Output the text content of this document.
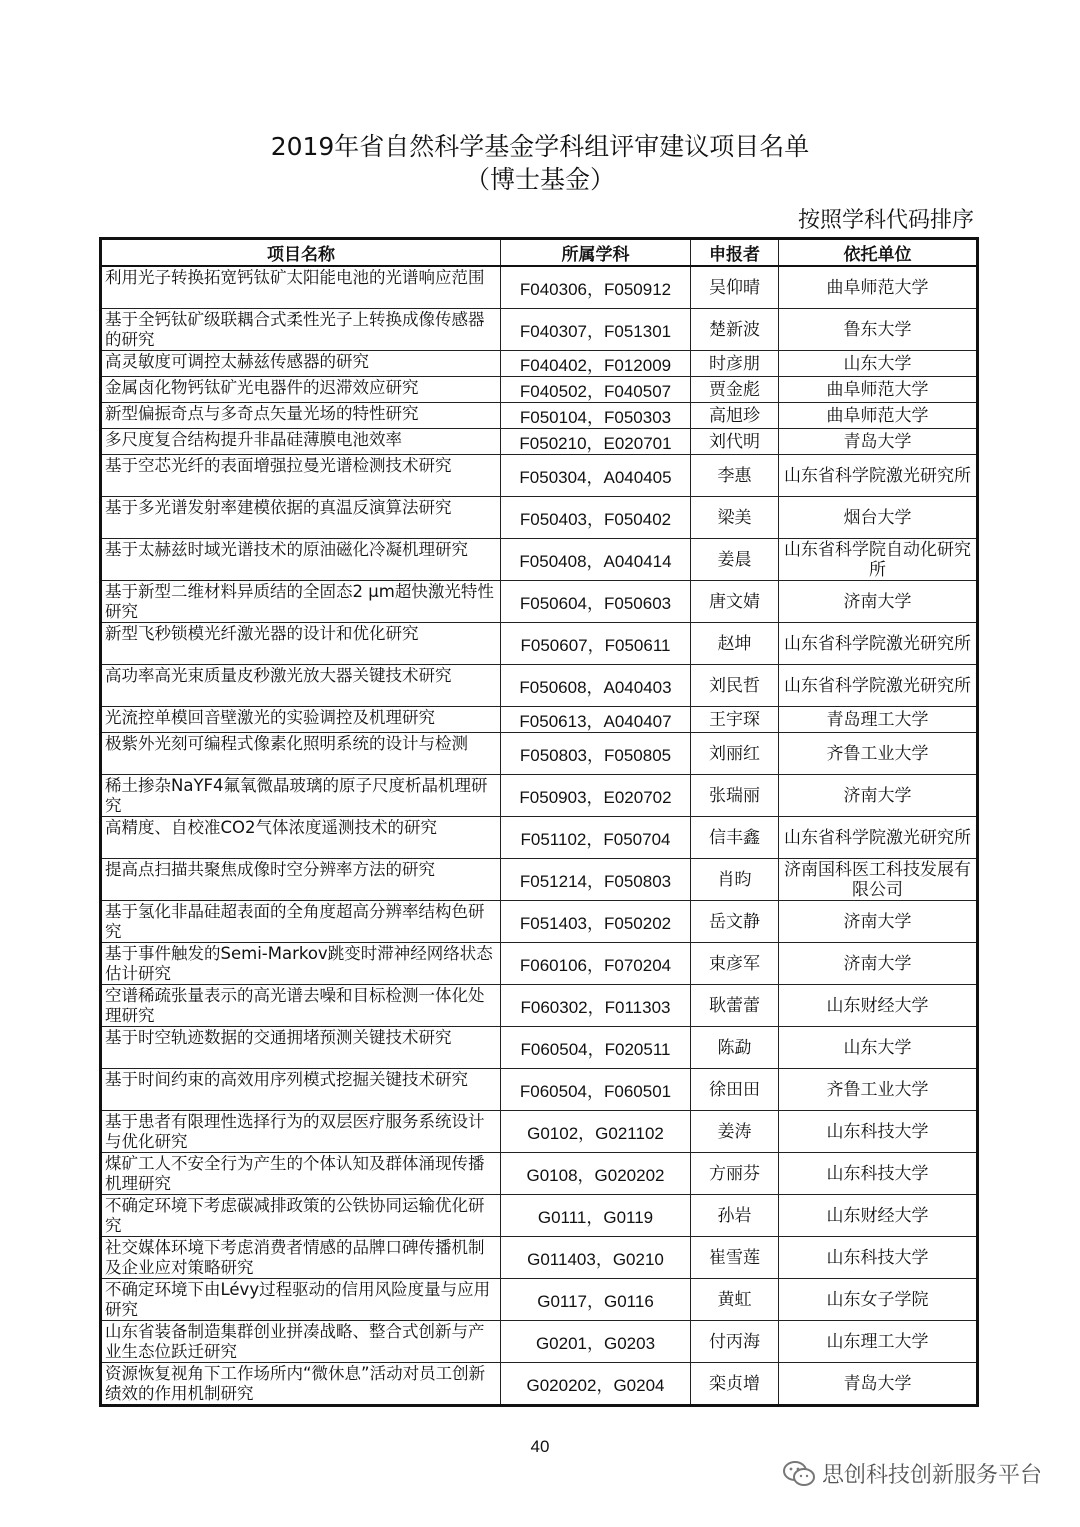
2019年省自然科学基金学科组评审建议项目名单
（博士基金）
按照学科代码排序
项目名称	所属学科	申报者	依托单位
利用光子转换拓宽钙钛矿太阳能电池的光谱响应范围	F040306，F050912	吴仰晴	曲阜师范大学
基于全钙钛矿级联耦合式柔性光子上转换成像传感器的研究	F040307，F051301	楚新波	鲁东大学
高灵敏度可调控太赫兹传感器的研究	F040402，F012009	时彦朋	山东大学
金属卤化物钙钛矿光电器件的迟滞效应研究	F040502，F040507	贾金彪	曲阜师范大学
新型偏振奇点与多奇点矢量光场的特性研究	F050104，F050303	高旭珍	曲阜师范大学
多尺度复合结构提升非晶硅薄膜电池效率	F050210，E020701	刘代明	青岛大学
基于空芯光纤的表面增强拉曼光谱检测技术研究	F050304，A040405	李惠	山东省科学院激光研究所
基于多光谱发射率建模依据的真温反演算法研究	F050403，F050402	梁美	烟台大学
基于太赫兹时域光谱技术的原油磁化冷凝机理研究	F050408，A040414	姜晨	山东省科学院自动化研究所
基于新型二维材料异质结的全固态2 μm超快激光特性研究	F050604，F050603	唐文婧	济南大学
新型飞秒锁模光纤激光器的设计和优化研究	F050607，F050611	赵坤	山东省科学院激光研究所
高功率高光束质量皮秒激光放大器关键技术研究	F050608，A040403	刘民哲	山东省科学院激光研究所
光流控单模回音壁激光的实验调控及机理研究	F050613，A040407	王宇琛	青岛理工大学
极紫外光刻可编程式像素化照明系统的设计与检测	F050803，F050805	刘丽红	齐鲁工业大学
稀土掺杂NaYF4氟氧微晶玻璃的原子尺度析晶机理研究	F050903，E020702	张瑞丽	济南大学
高精度、自校准CO2气体浓度遥测技术的研究	F051102，F050704	信丰鑫	山东省科学院激光研究所
提高点扫描共聚焦成像时空分辨率方法的研究	F051214，F050803	肖昀	济南国科医工科技发展有限公司
基于氢化非晶硅超表面的全角度超高分辨率结构色研究	F051403，F050202	岳文静	济南大学
基于事件触发的Semi-Markov跳变时滞神经网络状态估计研究	F060106，F070204	束彦军	济南大学
空谱稀疏张量表示的高光谱去噪和目标检测一体化处理研究	F060302，F011303	耿蕾蕾	山东财经大学
基于时空轨迹数据的交通拥堵预测关键技术研究	F060504，F020511	陈勐	山东大学
基于时间约束的高效用序列模式挖掘关键技术研究	F060504，F060501	徐田田	齐鲁工业大学
基于患者有限理性选择行为的双层医疗服务系统设计与优化研究	G0102，G021102	姜涛	山东科技大学
煤矿工人不安全行为产生的个体认知及群体涌现传播机理研究	G0108，G020202	方丽芬	山东科技大学
不确定环境下考虑碳减排政策的公铁协同运输优化研究	G0111，G0119	孙岩	山东财经大学
社交媒体环境下考虑消费者情感的品牌口碑传播机制及企业应对策略研究	G011403，G0210	崔雪莲	山东科技大学
不确定环境下由Lévy过程驱动的信用风险度量与应用研究	G0117，G0116	黄虹	山东女子学院
山东省装备制造集群创业拼凑战略、整合式创新与产业生态位跃迁研究	G0201，G0203	付丙海	山东理工大学
资源恢复视角下工作场所内“微休息”活动对员工创新绩效的作用机制研究	G020202，G0204	栾贞增	青岛大学
40
思创科技创新服务平台
